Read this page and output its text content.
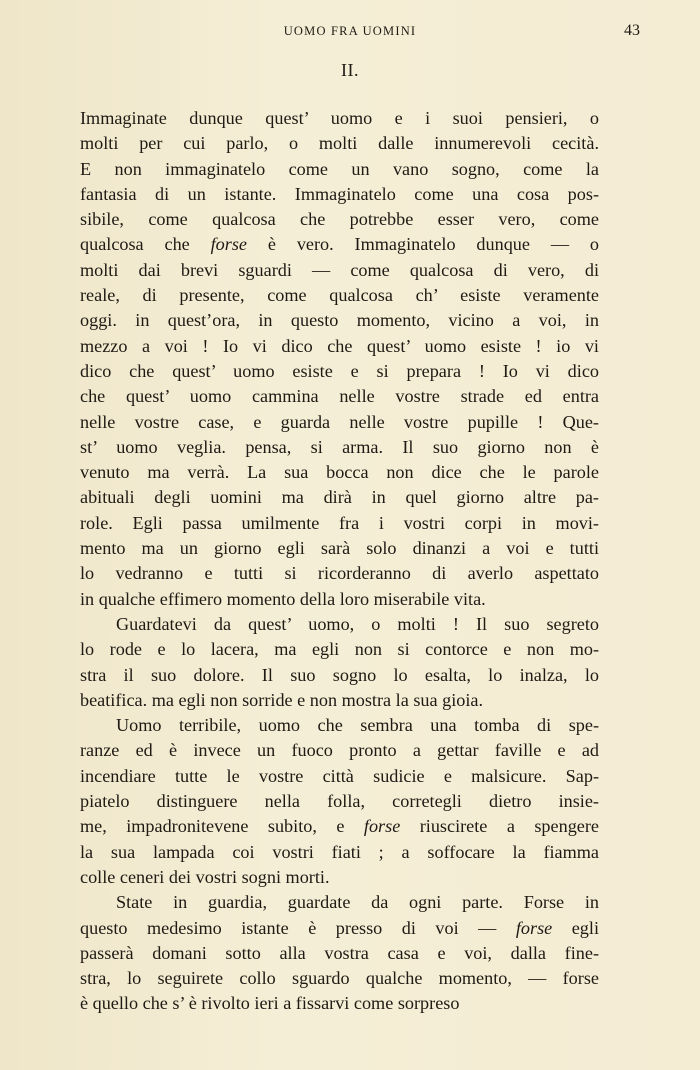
UOMO FRA UOMINI	43
II.
Immaginate dunque quest’ uomo e i suoi pensieri, o
molti per cui parlo, o molti dalle innumerevoli cecità.
E non immaginatelo come un vano sogno, come la
fantasia di un istante. Immaginatelo come una cosa pos-
sibile, come qualcosa che potrebbe esser vero, come
qualcosa che forse è vero. Immaginatelo dunque — o
molti dai brevi sguardi — come qualcosa di vero, di
reale, di presente, come qualcosa ch’ esiste veramente
oggi. in quest’ora, in questo momento, vicino a voi, in
mezzo a voi ! Io vi dico che quest’ uomo esiste ! io vi
dico che quest’ uomo esiste e si prepara ! Io vi dico
che quest’ uomo cammina nelle vostre strade ed entra
nelle vostre case, e guarda nelle vostre pupille ! Que-
st’ uomo veglia. pensa, si arma. Il suo giorno non è
venuto ma verrà. La sua bocca non dice che le parole
abituali degli uomini ma dirà in quel giorno altre pa-
role. Egli passa umilmente fra i vostri corpi in movi-
mento ma un giorno egli sarà solo dinanzi a voi e tutti
lo vedranno e tutti si ricorderanno di averlo aspettato
in qualche effimero momento della loro miserabile vita.
Guardatevi da quest’ uomo, o molti ! Il suo segreto
lo rode e lo lacera, ma egli non si contorce e non mo-
stra il suo dolore. Il suo sogno lo esalta, lo inalza, lo
beatifica. ma egli non sorride e non mostra la sua gioia.
Uomo terribile, uomo che sembra una tomba di spe-
ranze ed è invece un fuoco pronto a gettar faville e ad
incendiare tutte le vostre città sudicie e malsicure. Sap-
piatelo distinguere nella folla, corretegli dietro insie-
me, impadronitevene subito, e forse riuscirete a spengere
la sua lampada coi vostri fiati ; a soffocare la fiamma
colle ceneri dei vostri sogni morti.
State in guardia, guardate da ogni parte. Forse in
questo medesimo istante è presso di voi — forse egli
passerà domani sotto alla vostra casa e voi, dalla fine-
stra, lo seguirete collo sguardo qualche momento, — forse
è quello che s’ è rivolto ieri a fissarvi come sorpreso
